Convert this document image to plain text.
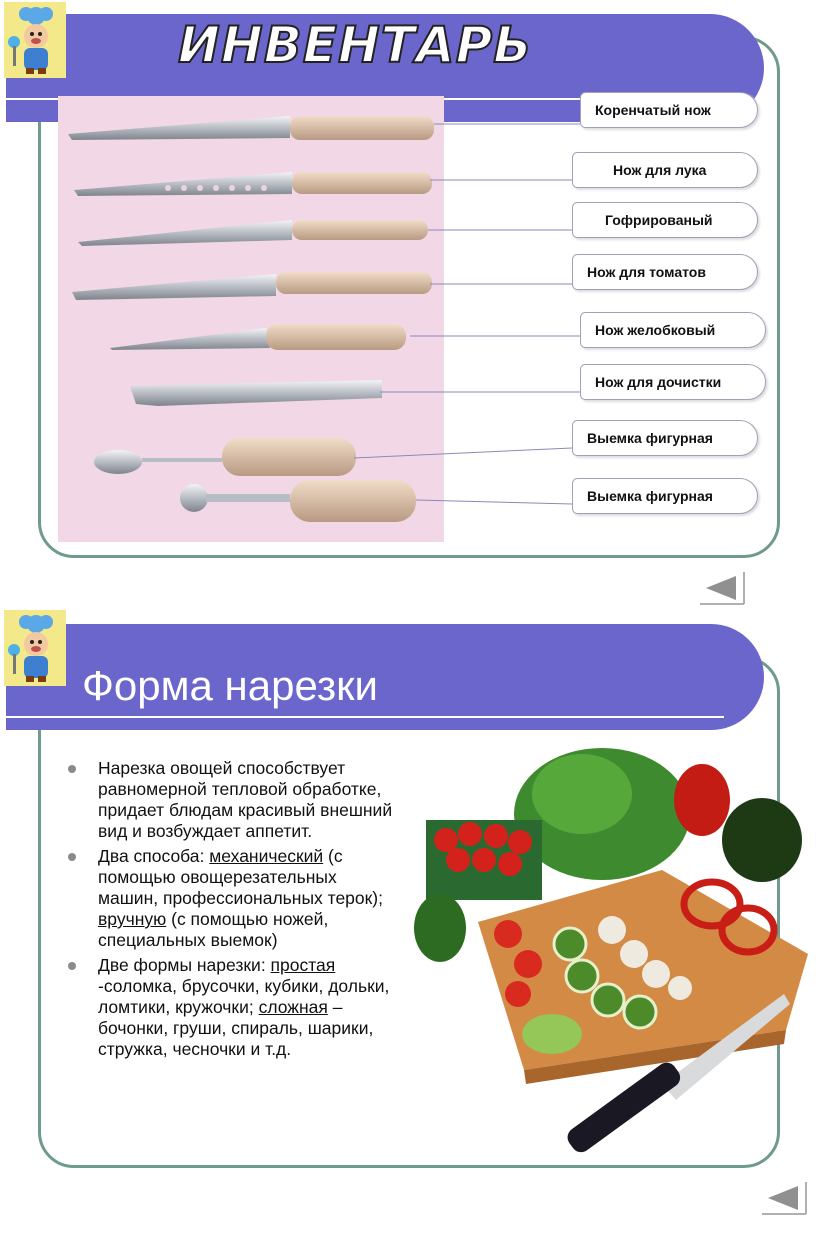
ИНВЕНТАРЬ
Коренчатый нож
Нож для лука
Гофрированый
Нож для томатов
Нож желобковый
Нож для дочистки
Выемка фигурная
Выемка фигурная
Форма нарезки
Нарезка овощей способствует равномерной тепловой обработке, придает блюдам красивый внешний вид и возбуждает аппетит.
Два способа: механический (с помощью овощерезательных машин, профессиональных терок); вручную (с помощью ножей, специальных выемок)
Две формы нарезки: простая -соломка, брусочки, кубики, дольки, ломтики, кружочки; сложная – бочонки, груши, спираль, шарики, стружка, чесночки и т.д.
